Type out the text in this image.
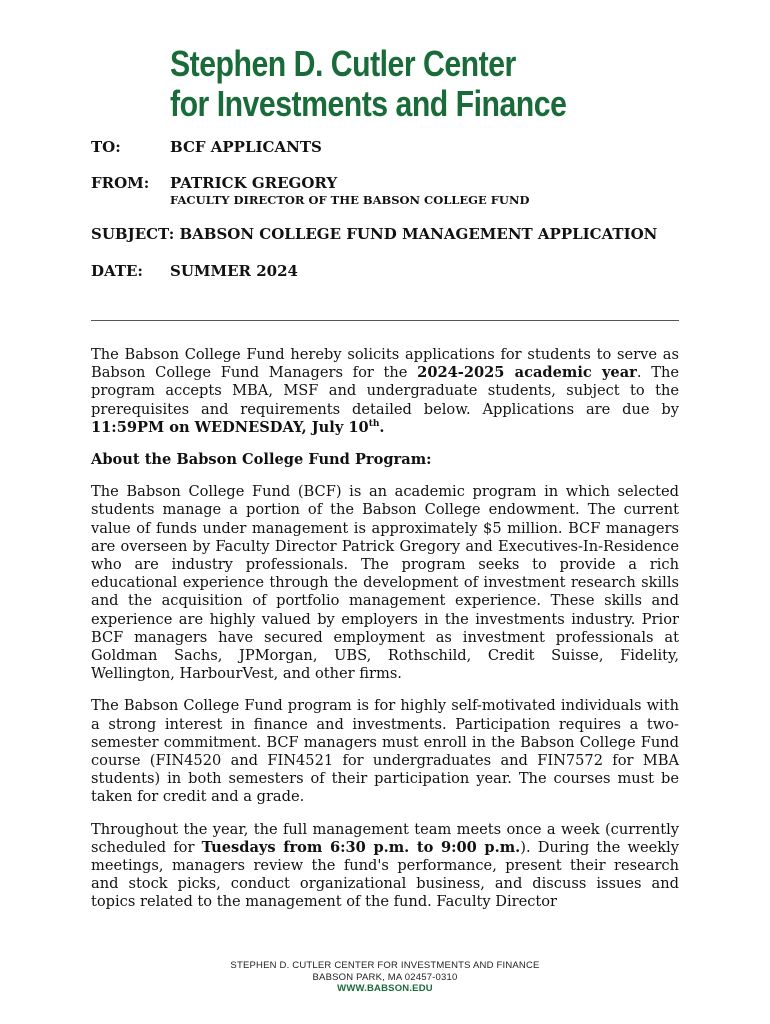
Stephen D. Cutler Center
for Investments and Finance
TO:	BCF APPLICANTS
FROM: PATRICK GREGORY
FACULTY DIRECTOR OF THE BABSON COLLEGE FUND
SUBJECT: BABSON COLLEGE FUND MANAGEMENT APPLICATION
DATE: SUMMER 2024

The Babson College Fund hereby solicits applications for students to serve as Babson College Fund Managers for the 2024-2025 academic year. The program accepts MBA, MSF and undergraduate students, subject to the prerequisites and requirements detailed below. Applications are due by 11:59PM on WEDNESDAY, July 10th.

About the Babson College Fund Program:

The Babson College Fund (BCF) is an academic program in which selected students manage a portion of the Babson College endowment. The current value of funds under management is approximately $5 million. BCF managers are overseen by Faculty Director Patrick Gregory and Executives-In-Residence who are industry professionals. The program seeks to provide a rich educational experience through the development of investment research skills and the acquisition of portfolio management experience. These skills and experience are highly valued by employers in the investments industry. Prior BCF managers have secured employment as investment professionals at Goldman Sachs, JPMorgan, UBS, Rothschild, Credit Suisse, Fidelity, Wellington, HarbourVest, and other firms.

The Babson College Fund program is for highly self-motivated individuals with a strong interest in finance and investments. Participation requires a two-semester commitment. BCF managers must enroll in the Babson College Fund course (FIN4520 and FIN4521 for undergraduates and FIN7572 for MBA students) in both semesters of their participation year. The courses must be taken for credit and a grade.

Throughout the year, the full management team meets once a week (currently scheduled for Tuesdays from 6:30 p.m. to 9:00 p.m.). During the weekly meetings, managers review the fund's performance, present their research and stock picks, conduct organizational business, and discuss issues and topics related to the management of the fund. Faculty Director

STEPHEN D. CUTLER CENTER FOR INVESTMENTS AND FINANCE
BABSON PARK, MA 02457-0310
WWW.BABSON.EDU
